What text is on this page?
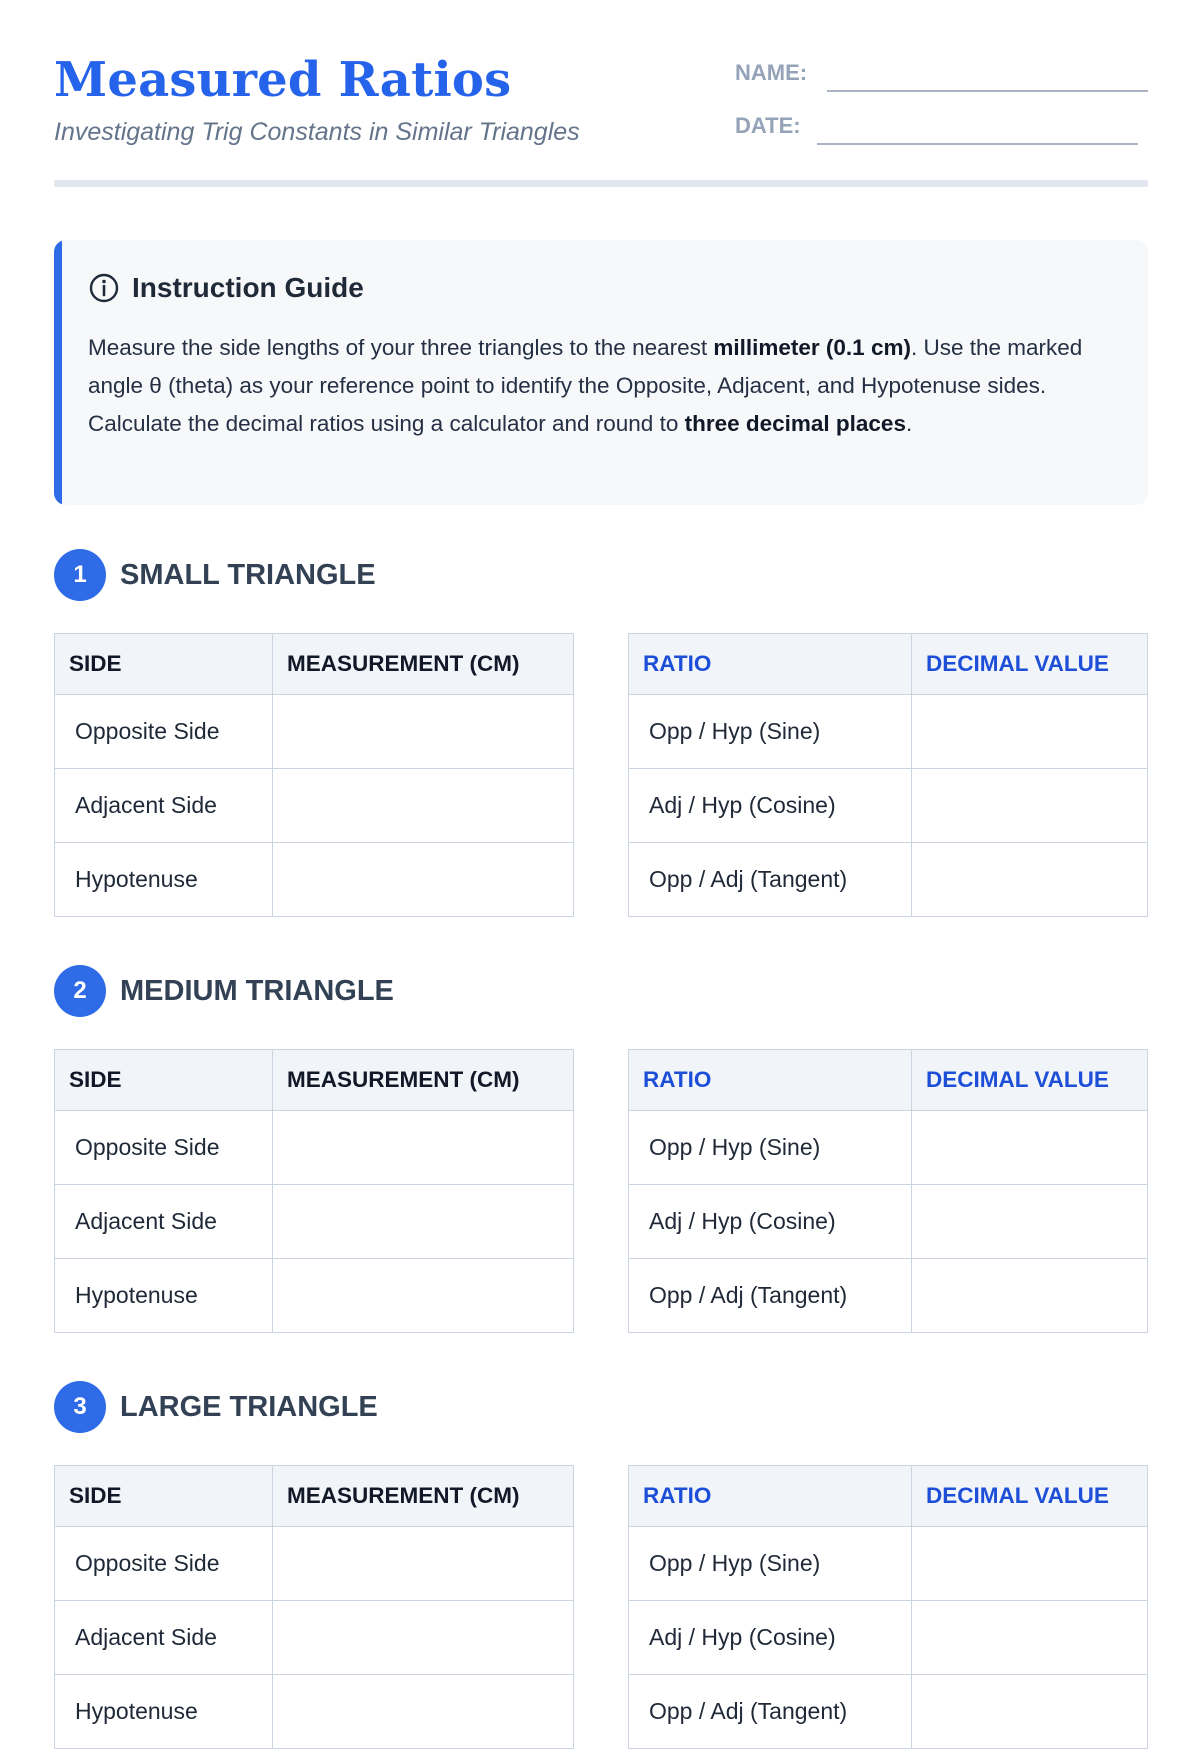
Measured Ratios
Investigating Trig Constants in Similar Triangles
NAME:
DATE:
Instruction Guide
Measure the side lengths of your three triangles to the nearest millimeter (0.1 cm). Use the marked angle θ (theta) as your reference point to identify the Opposite, Adjacent, and Hypotenuse sides. Calculate the decimal ratios using a calculator and round to three decimal places.
1	SMALL TRIANGLE
SIDE	MEASUREMENT (CM)
Opposite Side	
Adjacent Side	
Hypotenuse	
RATIO	DECIMAL VALUE
Opp / Hyp (Sine)	
Adj / Hyp (Cosine)	
Opp / Adj (Tangent)	
2	MEDIUM TRIANGLE
SIDE	MEASUREMENT (CM)
Opposite Side	
Adjacent Side	
Hypotenuse	
RATIO	DECIMAL VALUE
Opp / Hyp (Sine)	
Adj / Hyp (Cosine)	
Opp / Adj (Tangent)	
3	LARGE TRIANGLE
SIDE	MEASUREMENT (CM)
Opposite Side	
Adjacent Side	
Hypotenuse	
RATIO	DECIMAL VALUE
Opp / Hyp (Sine)	
Adj / Hyp (Cosine)	
Opp / Adj (Tangent)	
